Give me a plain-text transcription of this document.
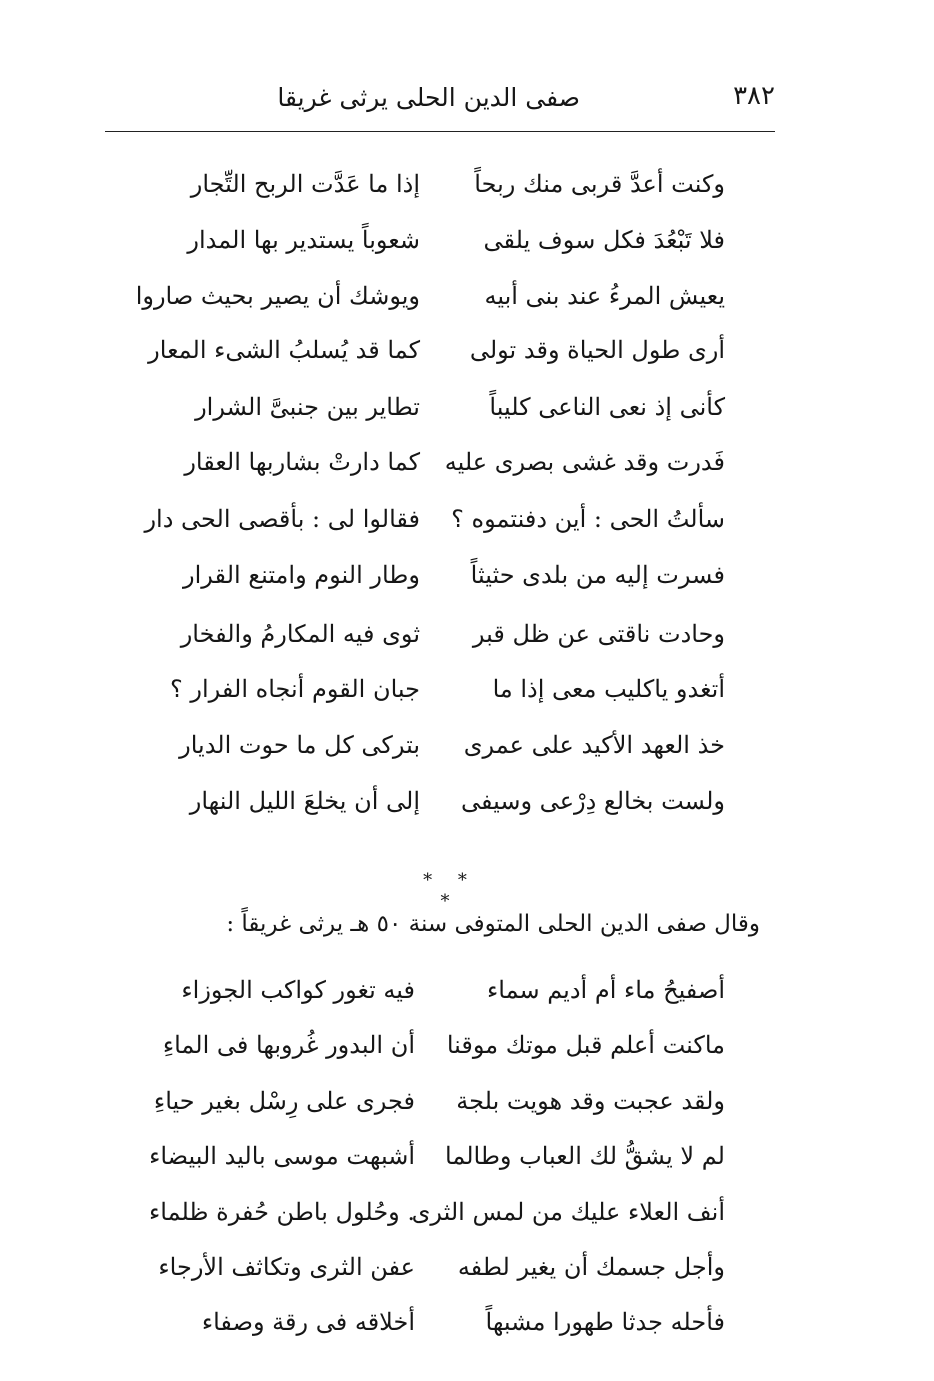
٣٨٢
صفى الدين الحلى يرثى غريقا
وكنت أعدَّ قربى منك ربحاً
إذا ما عَدَّت الربح التِّجار
فلا تَبْعُدَ فكل سوف يلقى
شعوباً يستدير بها المدار
يعيش المرءُ عند بنى أبيه
ويوشك أن يصير بحيث صاروا
أرى طول الحياة وقد تولى
كما قد يُسلبُ الشىء المعار
كأنى إذ نعى الناعى كليباً
تطاير بين جنبىَّ الشرار
فَدرت وقد غشى بصرى عليه
كما دارتْ بشاربها العقار
سألتُ الحى : أين دفنتموه ؟
فقالوا لى : بأقصى الحى دار
فسرت إليه من بلدى حثيثاً
وطار النوم وامتنع القرار
وحادت ناقتى عن ظل قبر
ثوى فيه المكارمُ والفخار
أتغدو ياكليب معى إذا ما
جبان القوم أنجاه الفرار ؟
خذ العهد الأكيد على عمرى
بتركى كل ما حوت الديار
ولست بخالع دِرْعى وسيفى
إلى أن يخلعَ الليل النهار
* * *
وقال صفى الدين الحلى المتوفى سنة ٥٠ هـ يرثى غريقاً :
أصفيحُ ماء أم أديم سماء
فيه تغور كواكب الجوزاء
ماكنت أعلم قبل موتك موقنا
أن البدور غُروبها فى الماءِ
ولقد عجبت وقد هويت بلجة
فجرى على رِسْل بغير حياءِ
لم لا يشقُّ لك العباب وطالما
أشبهت موسى باليد البيضاء
أنف العلاء عليك من لمس الثرى
. وحُلول باطن حُفرة ظلماء
وأجل جسمك أن يغير لطفه
عفن الثرى وتكاثف الأرجاء
فأحله جدثا طهورا مشبهاً
أخلاقه فى رقة وصفاء
